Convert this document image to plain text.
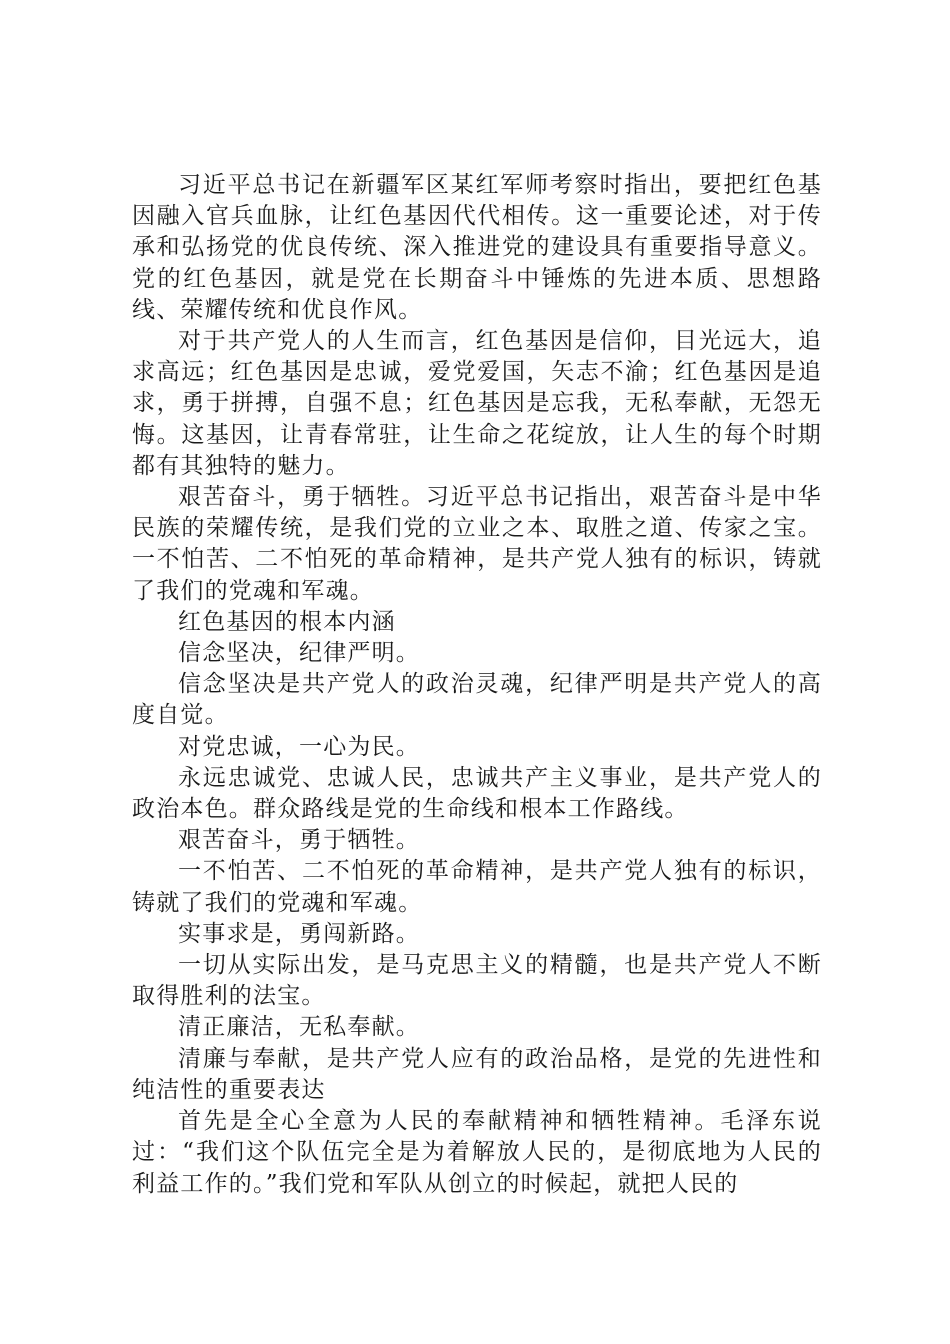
习近平总书记在新疆军区某红军师考察时指出，要把红色基因融入官兵血脉，让红色基因代代相传。这一重要论述，对于传承和弘扬党的优良传统、深入推进党的建设具有重要指导意义。党的红色基因，就是党在长期奋斗中锤炼的先进本质、思想路线、荣耀传统和优良作风。

对于共产党人的人生而言，红色基因是信仰，目光远大，追求高远；红色基因是忠诚，爱党爱国，矢志不渝；红色基因是追求，勇于拼搏，自强不息；红色基因是忘我，无私奉献，无怨无悔。这基因，让青春常驻，让生命之花绽放，让人生的每个时期都有其独特的魅力。

艰苦奋斗，勇于牺牲。习近平总书记指出，艰苦奋斗是中华民族的荣耀传统，是我们党的立业之本、取胜之道、传家之宝。一不怕苦、二不怕死的革命精神，是共产党人独有的标识，铸就了我们的党魂和军魂。

红色基因的根本内涵

信念坚决，纪律严明。

信念坚决是共产党人的政治灵魂，纪律严明是共产党人的高度自觉。

对党忠诚，一心为民。

永远忠诚党、忠诚人民，忠诚共产主义事业，是共产党人的政治本色。群众路线是党的生命线和根本工作路线。

艰苦奋斗，勇于牺牲。

一不怕苦、二不怕死的革命精神，是共产党人独有的标识，铸就了我们的党魂和军魂。

实事求是，勇闯新路。

一切从实际出发，是马克思主义的精髓，也是共产党人不断取得胜利的法宝。

清正廉洁，无私奉献。

清廉与奉献，是共产党人应有的政治品格，是党的先进性和纯洁性的重要表达

首先是全心全意为人民的奉献精神和牺牲精神。毛泽东说过：“我们这个队伍完全是为着解放人民的，是彻底地为人民的利益工作的。”我们党和军队从创立的时候起，就把人民的
